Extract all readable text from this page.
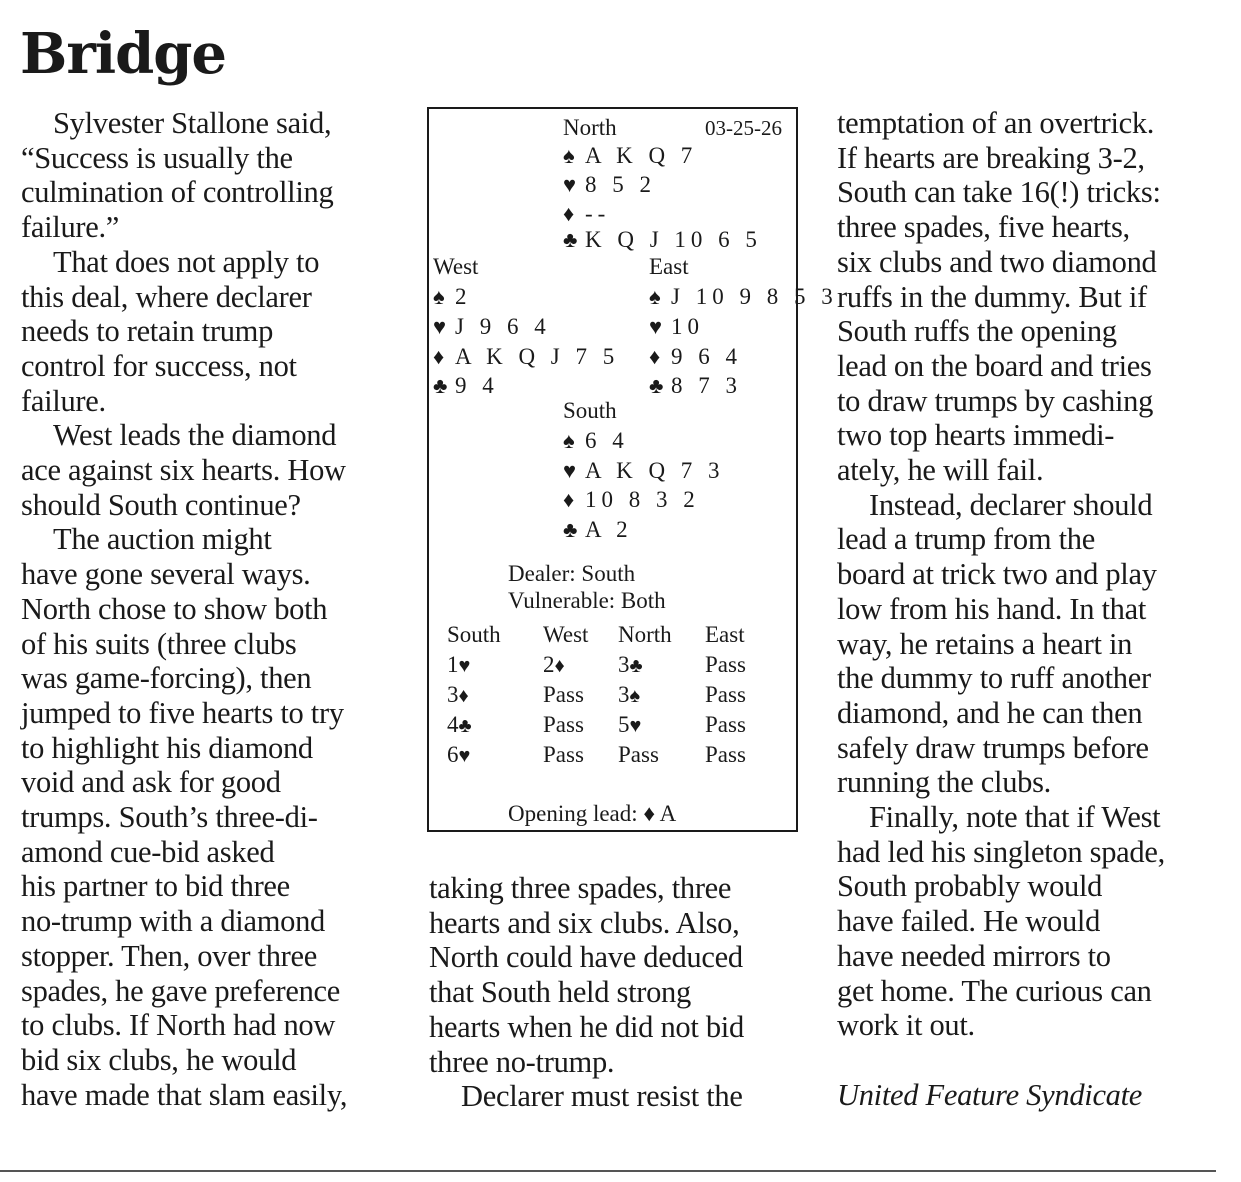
Bridge
Sylvester Stallone said,
“Success is usually the
culmination of controlling
failure.”
That does not apply to
this deal, where declarer
needs to retain trump
control for success, not
failure.
West leads the diamond
ace against six hearts. How
should South continue?
The auction might
have gone several ways.
North chose to show both
of his suits (three clubs
was game-forcing), then
jumped to five hearts to try
to highlight his diamond
void and ask for good
trumps. South’s three-di-
amond cue-bid asked
his partner to bid three
no-trump with a diamond
stopper. Then, over three
spades, he gave preference
to clubs. If North had now
bid six clubs, he would
have made that slam easily,
North	03-25-26
♠ A K Q 7
♥ 8 5 2
♦ --
♣ K Q J 10 6 5
West	East
♠ 2
♥ J 9 6 4
♦ A K Q J 7 5
♣ 9 4
♠ J 10 9 8 5 3
♥ 10
♦ 9 6 4
♣ 8 7 3
South
♠ 6 4
♥ A K Q 7 3
♦ 10 8 3 2
♣ A 2
Dealer: South
Vulnerable: Both
South West North East
1♥	2♦ 3♣	Pass
3♦	Pass 3♠	Pass
4♣	Pass 5♥	Pass
6♥	Pass Pass Pass
Opening lead: ♦ A
taking three spades, three
hearts and six clubs. Also,
North could have deduced
that South held strong
hearts when he did not bid
three no-trump.
Declarer must resist the
temptation of an overtrick.
If hearts are breaking 3-2,
South can take 16(!) tricks:
three spades, five hearts,
six clubs and two diamond
ruffs in the dummy. But if
South ruffs the opening
lead on the board and tries
to draw trumps by cashing
two top hearts immedi-
ately, he will fail.
Instead, declarer should
lead a trump from the
board at trick two and play
low from his hand. In that
way, he retains a heart in
the dummy to ruff another
diamond, and he can then
safely draw trumps before
running the clubs.
Finally, note that if West
had led his singleton spade,
South probably would
have failed. He would
have needed mirrors to
get home. The curious can
work it out.

United Feature Syndicate
